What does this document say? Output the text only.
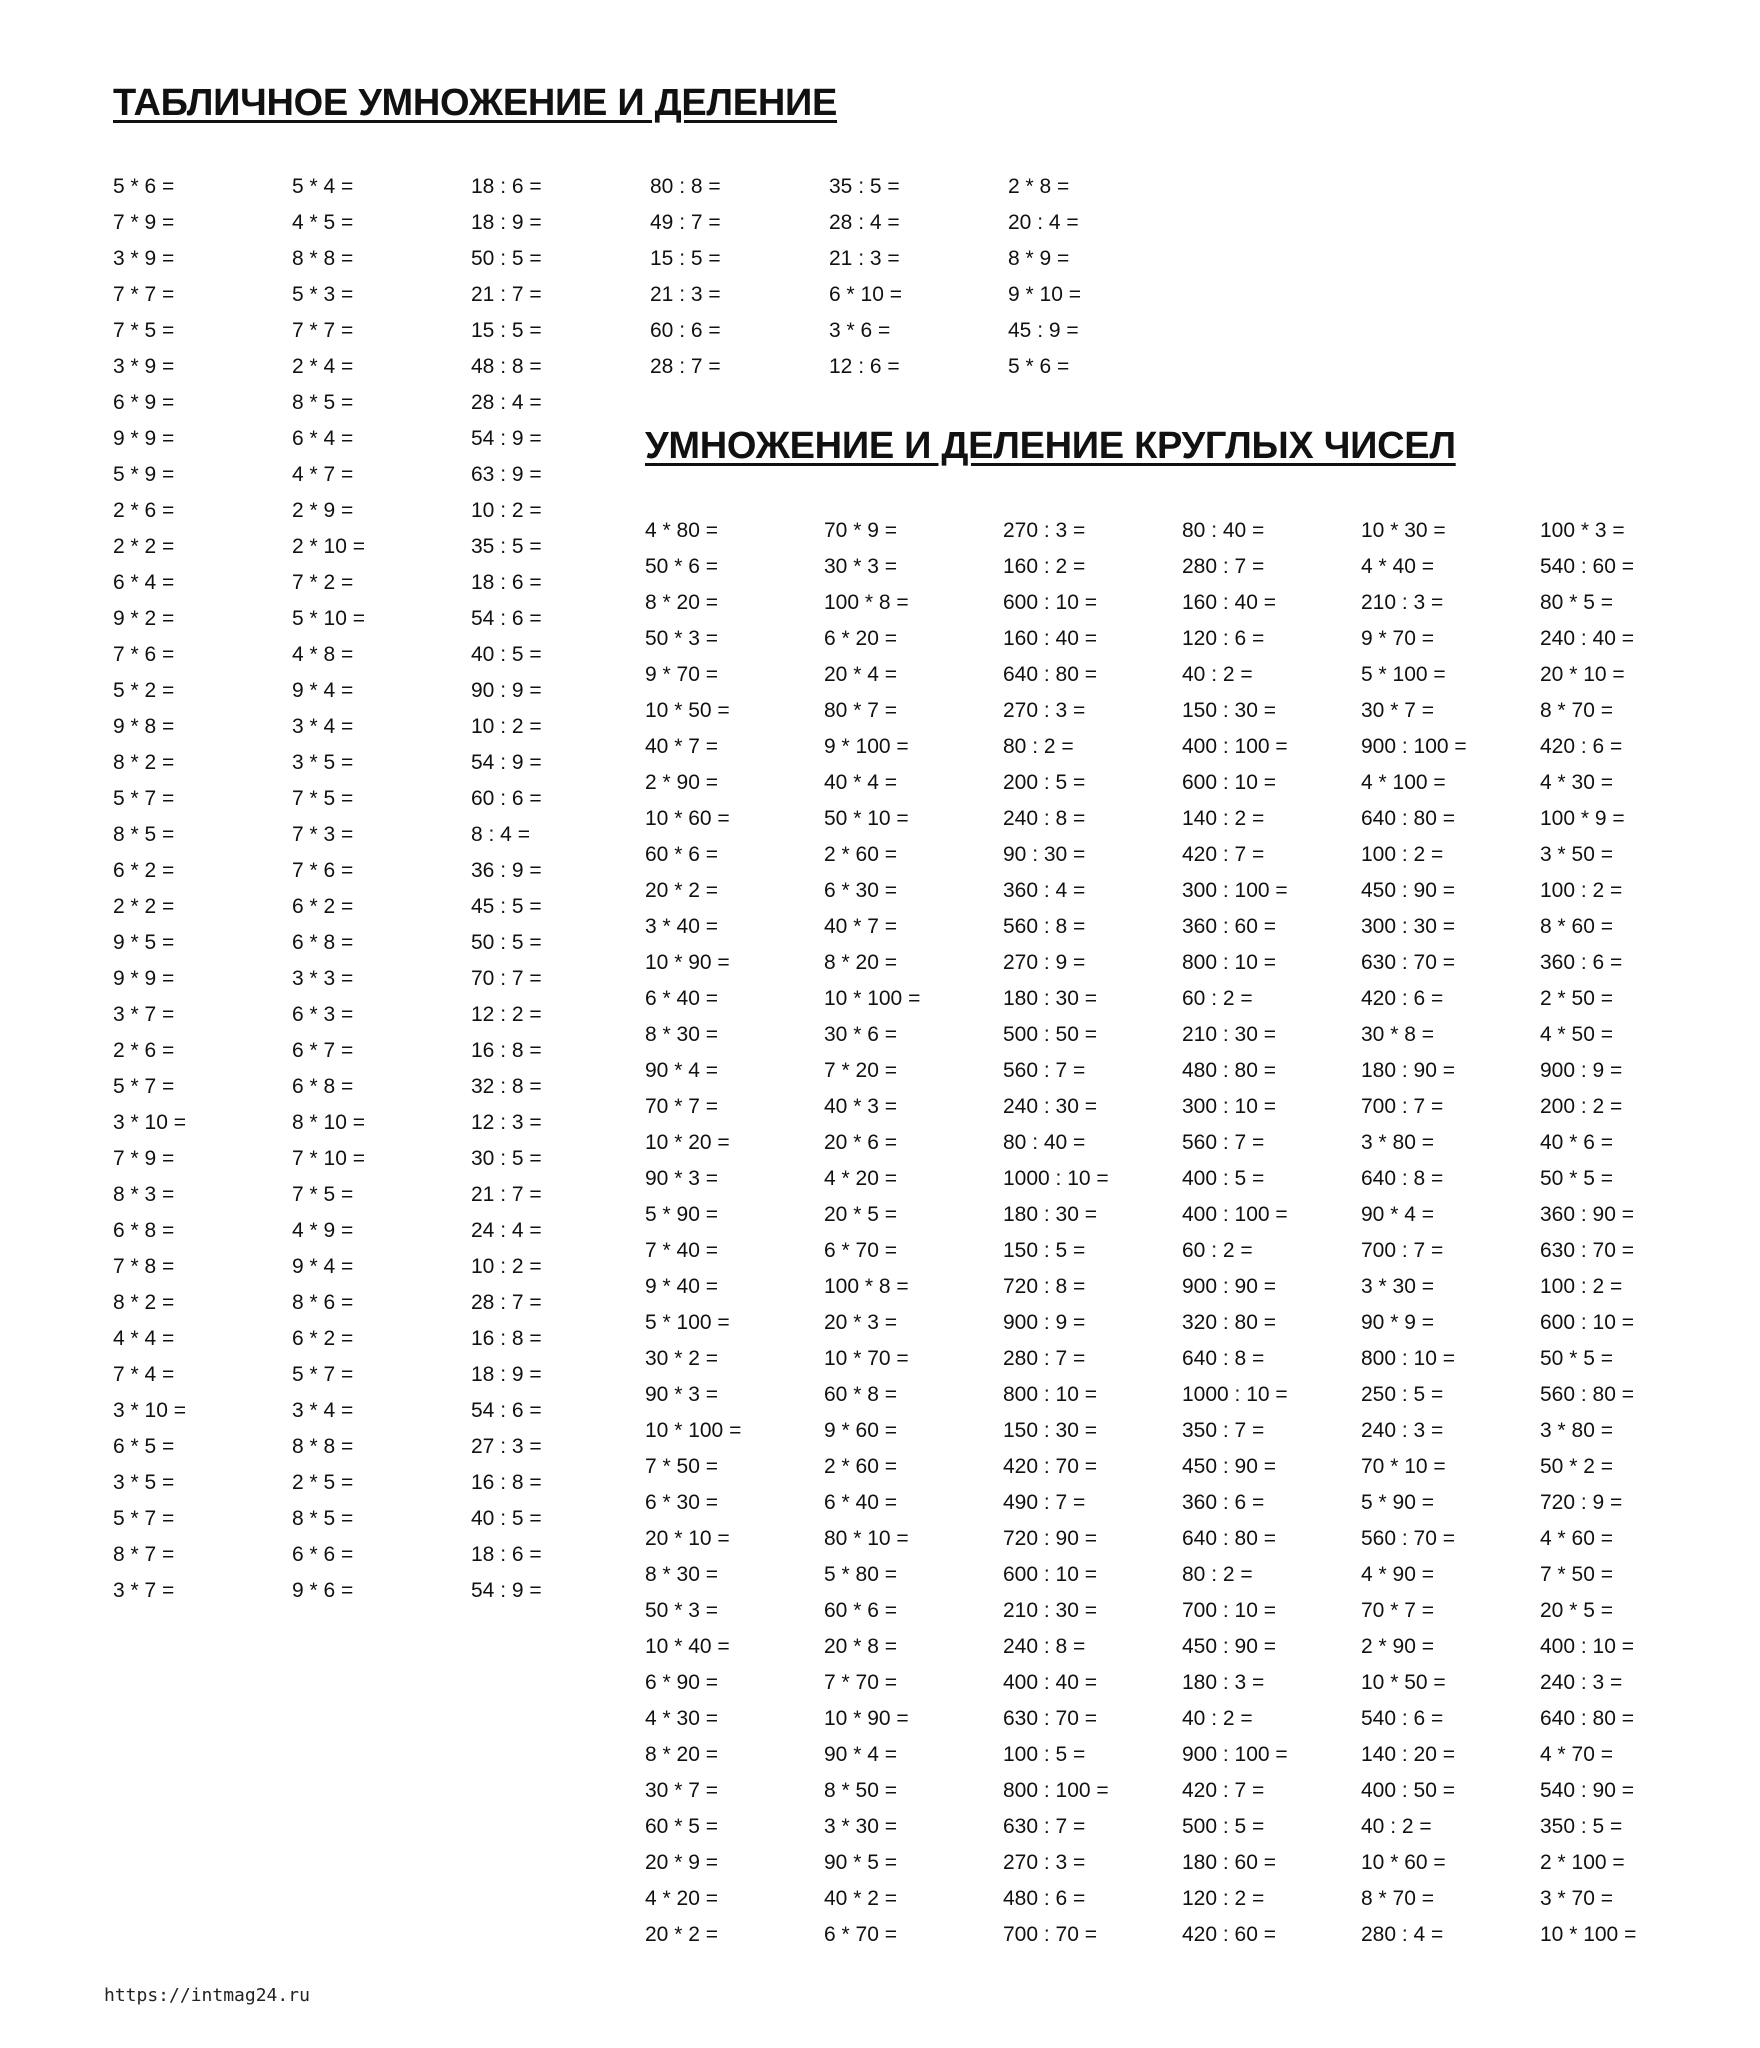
ТАБЛИЧНОЕ УМНОЖЕНИЕ И ДЕЛЕНИЕ
5 * 6 =
7 * 9 =
3 * 9 =
7 * 7 =
7 * 5 =
3 * 9 =
6 * 9 =
9 * 9 =
5 * 9 =
2 * 6 =
2 * 2 =
6 * 4 =
9 * 2 =
7 * 6 =
5 * 2 =
9 * 8 =
8 * 2 =
5 * 7 =
8 * 5 =
6 * 2 =
2 * 2 =
9 * 5 =
9 * 9 =
3 * 7 =
2 * 6 =
5 * 7 =
3 * 10 =
7 * 9 =
8 * 3 =
6 * 8 =
7 * 8 =
8 * 2 =
4 * 4 =
7 * 4 =
3 * 10 =
6 * 5 =
3 * 5 =
5 * 7 =
8 * 7 =
3 * 7 =
5 * 4 =
4 * 5 =
8 * 8 =
5 * 3 =
7 * 7 =
2 * 4 =
8 * 5 =
6 * 4 =
4 * 7 =
2 * 9 =
2 * 10 =
7 * 2 =
5 * 10 =
4 * 8 =
9 * 4 =
3 * 4 =
3 * 5 =
7 * 5 =
7 * 3 =
7 * 6 =
6 * 2 =
6 * 8 =
3 * 3 =
6 * 3 =
6 * 7 =
6 * 8 =
8 * 10 =
7 * 10 =
7 * 5 =
4 * 9 =
9 * 4 =
8 * 6 =
6 * 2 =
5 * 7 =
3 * 4 =
8 * 8 =
2 * 5 =
8 * 5 =
6 * 6 =
9 * 6 =
18 : 6 =
18 : 9 =
50 : 5 =
21 : 7 =
15 : 5 =
48 : 8 =
28 : 4 =
54 : 9 =
63 : 9 =
10 : 2 =
35 : 5 =
18 : 6 =
54 : 6 =
40 : 5 =
90 : 9 =
10 : 2 =
54 : 9 =
60 : 6 =
8 : 4 =
36 : 9 =
45 : 5 =
50 : 5 =
70 : 7 =
12 : 2 =
16 : 8 =
32 : 8 =
12 : 3 =
30 : 5 =
21 : 7 =
24 : 4 =
10 : 2 =
28 : 7 =
16 : 8 =
18 : 9 =
54 : 6 =
27 : 3 =
16 : 8 =
40 : 5 =
18 : 6 =
54 : 9 =
80 : 8 =
49 : 7 =
15 : 5 =
21 : 3 =
60 : 6 =
28 : 7 =
35 : 5 =
28 : 4 =
21 : 3 =
6 * 10 =
3 * 6 =
12 : 6 =
2 * 8 =
20 : 4 =
8 * 9 =
9 * 10 =
45 : 9 =
5 * 6 =
УМНОЖЕНИЕ И ДЕЛЕНИЕ КРУГЛЫХ ЧИСЕЛ
4 * 80 =
50 * 6 =
8 * 20 =
50 * 3 =
9 * 70 =
10 * 50 =
40 * 7 =
2 * 90 =
10 * 60 =
60 * 6 =
20 * 2 =
3 * 40 =
10 * 90 =
6 * 40 =
8 * 30 =
90 * 4 =
70 * 7 =
10 * 20 =
90 * 3 =
5 * 90 =
7 * 40 =
9 * 40 =
5 * 100 =
30 * 2 =
90 * 3 =
10 * 100 =
7 * 50 =
6 * 30 =
20 * 10 =
8 * 30 =
50 * 3 =
10 * 40 =
6 * 90 =
4 * 30 =
8 * 20 =
30 * 7 =
60 * 5 =
20 * 9 =
4 * 20 =
20 * 2 =
70 * 9 =
30 * 3 =
100 * 8 =
6 * 20 =
20 * 4 =
80 * 7 =
9 * 100 =
40 * 4 =
50 * 10 =
2 * 60 =
6 * 30 =
40 * 7 =
8 * 20 =
10 * 100 =
30 * 6 =
7 * 20 =
40 * 3 =
20 * 6 =
4 * 20 =
20 * 5 =
6 * 70 =
100 * 8 =
20 * 3 =
10 * 70 =
60 * 8 =
9 * 60 =
2 * 60 =
6 * 40 =
80 * 10 =
5 * 80 =
60 * 6 =
20 * 8 =
7 * 70 =
10 * 90 =
90 * 4 =
8 * 50 =
3 * 30 =
90 * 5 =
40 * 2 =
6 * 70 =
270 : 3 =
160 : 2 =
600 : 10 =
160 : 40 =
640 : 80 =
270 : 3 =
80 : 2 =
200 : 5 =
240 : 8 =
90 : 30 =
360 : 4 =
560 : 8 =
270 : 9 =
180 : 30 =
500 : 50 =
560 : 7 =
240 : 30 =
80 : 40 =
1000 : 10 =
180 : 30 =
150 : 5 =
720 : 8 =
900 : 9 =
280 : 7 =
800 : 10 =
150 : 30 =
420 : 70 =
490 : 7 =
720 : 90 =
600 : 10 =
210 : 30 =
240 : 8 =
400 : 40 =
630 : 70 =
100 : 5 =
800 : 100 =
630 : 7 =
270 : 3 =
480 : 6 =
700 : 70 =
80 : 40 =
280 : 7 =
160 : 40 =
120 : 6 =
40 : 2 =
150 : 30 =
400 : 100 =
600 : 10 =
140 : 2 =
420 : 7 =
300 : 100 =
360 : 60 =
800 : 10 =
60 : 2 =
210 : 30 =
480 : 80 =
300 : 10 =
560 : 7 =
400 : 5 =
400 : 100 =
60 : 2 =
900 : 90 =
320 : 80 =
640 : 8 =
1000 : 10 =
350 : 7 =
450 : 90 =
360 : 6 =
640 : 80 =
80 : 2 =
700 : 10 =
450 : 90 =
180 : 3 =
40 : 2 =
900 : 100 =
420 : 7 =
500 : 5 =
180 : 60 =
120 : 2 =
420 : 60 =
10 * 30 =
4 * 40 =
210 : 3 =
9 * 70 =
5 * 100 =
30 * 7 =
900 : 100 =
4 * 100 =
640 : 80 =
100 : 2 =
450 : 90 =
300 : 30 =
630 : 70 =
420 : 6 =
30 * 8 =
180 : 90 =
700 : 7 =
3 * 80 =
640 : 8 =
90 * 4 =
700 : 7 =
3 * 30 =
90 * 9 =
800 : 10 =
250 : 5 =
240 : 3 =
70 * 10 =
5 * 90 =
560 : 70 =
4 * 90 =
70 * 7 =
2 * 90 =
10 * 50 =
540 : 6 =
140 : 20 =
400 : 50 =
40 : 2 =
10 * 60 =
8 * 70 =
280 : 4 =
100 * 3 =
540 : 60 =
80 * 5 =
240 : 40 =
20 * 10 =
8 * 70 =
420 : 6 =
4 * 30 =
100 * 9 =
3 * 50 =
100 : 2 =
8 * 60 =
360 : 6 =
2 * 50 =
4 * 50 =
900 : 9 =
200 : 2 =
40 * 6 =
50 * 5 =
360 : 90 =
630 : 70 =
100 : 2 =
600 : 10 =
50 * 5 =
560 : 80 =
3 * 80 =
50 * 2 =
720 : 9 =
4 * 60 =
7 * 50 =
20 * 5 =
400 : 10 =
240 : 3 =
640 : 80 =
4 * 70 =
540 : 90 =
350 : 5 =
2 * 100 =
3 * 70 =
10 * 100 =
https://intmag24.ru
